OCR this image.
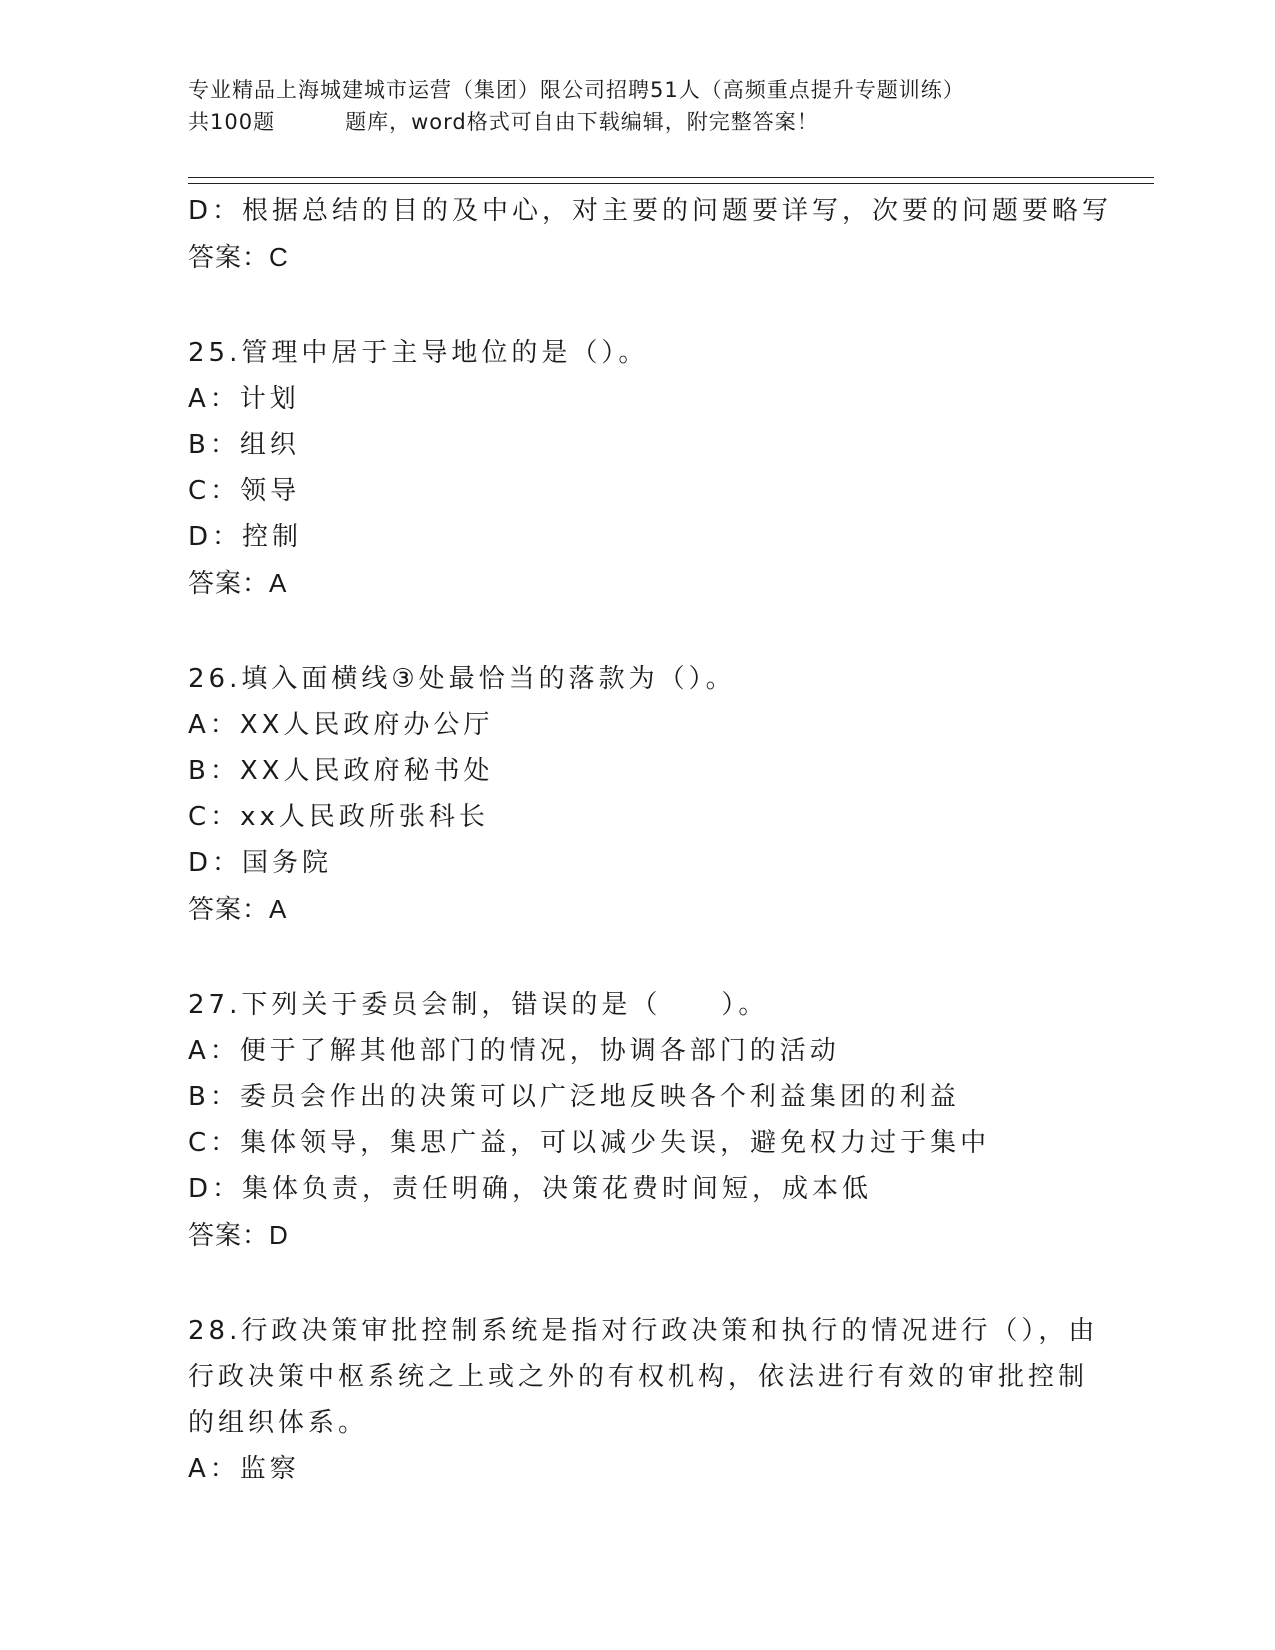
专业精品上海城建城市运营（集团）限公司招聘51人（高频重点提升专题训练）
共100题	题库，word格式可自由下载编辑，附完整答案！
D：根据总结的目的及中心，对主要的问题要详写，次要的问题要略写
答案：C
25.管理中居于主导地位的是（）。
A：计划
B：组织
C：领导
D：控制
答案：A
26.填入面横线③处最恰当的落款为（）。
A：XX人民政府办公厅
B：XX人民政府秘书处
C：xx人民政所张科长
D：国务院
答案：A
27.下列关于委员会制，错误的是（　　）。
A：便于了解其他部门的情况，协调各部门的活动
B：委员会作出的决策可以广泛地反映各个利益集团的利益
C：集体领导，集思广益，可以减少失误，避免权力过于集中
D：集体负责，责任明确，决策花费时间短，成本低
答案：D
28.行政决策审批控制系统是指对行政决策和执行的情况进行（），由
行政决策中枢系统之上或之外的有权机构，依法进行有效的审批控制
的组织体系。
A：监察
